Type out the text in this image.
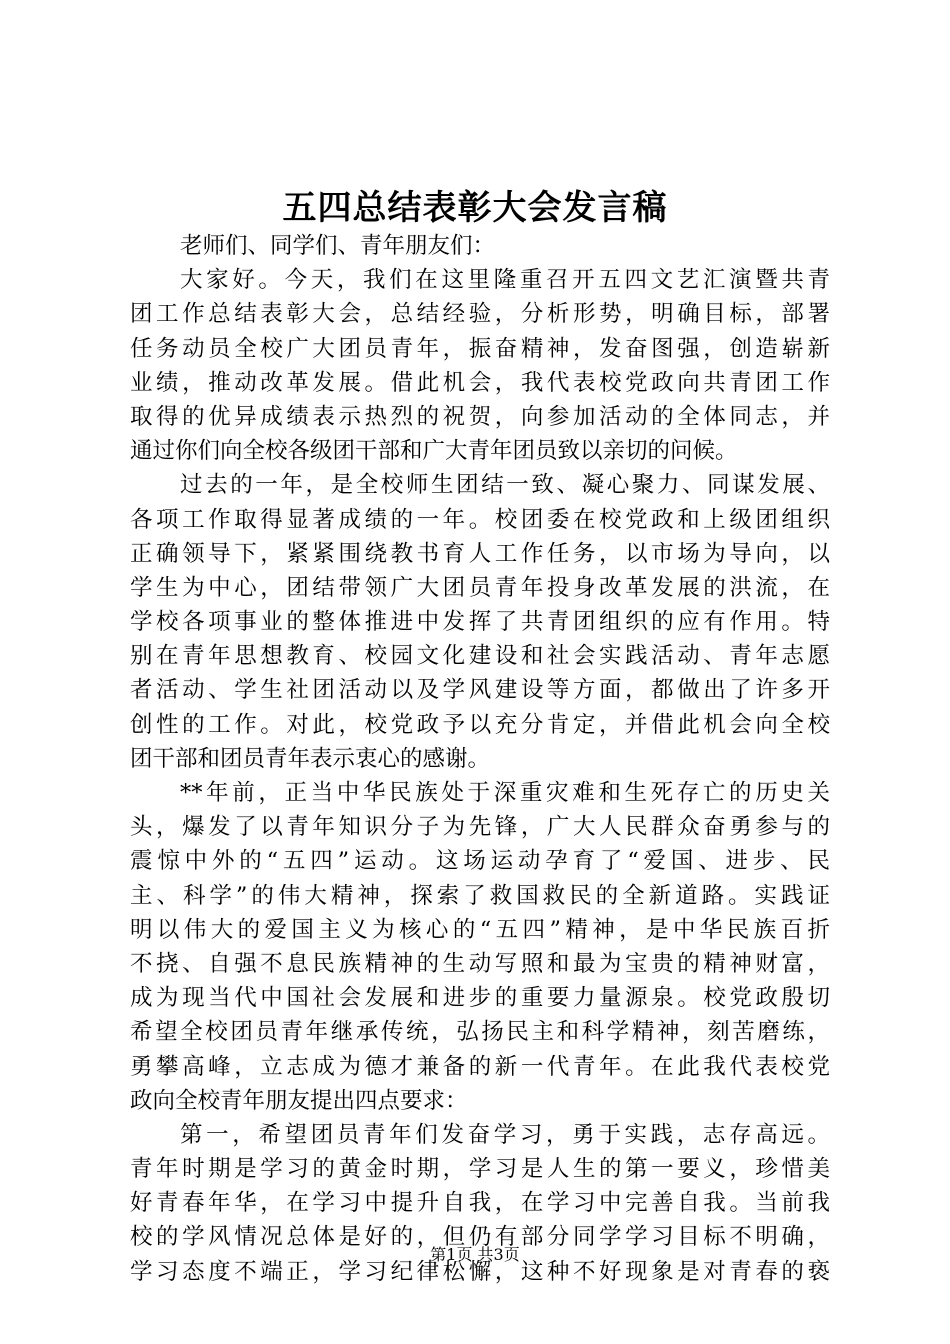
五四总结表彰大会发言稿
老师们、同学们、青年朋友们：
大家好。今天，我们在这里隆重召开五四文艺汇演暨共青
团工作总结表彰大会，总结经验，分析形势，明确目标，部署
任务动员全校广大团员青年，振奋精神，发奋图强，创造崭新
业绩，推动改革发展。借此机会，我代表校党政向共青团工作
取得的优异成绩表示热烈的祝贺，向参加活动的全体同志，并
通过你们向全校各级团干部和广大青年团员致以亲切的问候。
过去的一年，是全校师生团结一致、凝心聚力、同谋发展、
各项工作取得显著成绩的一年。校团委在校党政和上级团组织
正确领导下，紧紧围绕教书育人工作任务，以市场为导向，以
学生为中心，团结带领广大团员青年投身改革发展的洪流，在
学校各项事业的整体推进中发挥了共青团组织的应有作用。特
别在青年思想教育、校园文化建设和社会实践活动、青年志愿
者活动、学生社团活动以及学风建设等方面，都做出了许多开
创性的工作。对此，校党政予以充分肯定，并借此机会向全校
团干部和团员青年表示衷心的感谢。
**年前，正当中华民族处于深重灾难和生死存亡的历史关
头，爆发了以青年知识分子为先锋，广大人民群众奋勇参与的
震惊中外的“五四”运动。这场运动孕育了“爱国、进步、民
主、科学”的伟大精神，探索了救国救民的全新道路。实践证
明以伟大的爱国主义为核心的“五四”精神，是中华民族百折
不挠、自强不息民族精神的生动写照和最为宝贵的精神财富，
成为现当代中国社会发展和进步的重要力量源泉。校党政殷切
希望全校团员青年继承传统，弘扬民主和科学精神，刻苦磨练，
勇攀高峰，立志成为德才兼备的新一代青年。在此我代表校党
政向全校青年朋友提出四点要求：
第一，希望团员青年们发奋学习，勇于实践，志存高远。
青年时期是学习的黄金时期，学习是人生的第一要义，珍惜美
好青春年华，在学习中提升自我，在学习中完善自我。当前我
校的学风情况总体是好的，但仍有部分同学学习目标不明确，
学习态度不端正，学习纪律松懈，这种不好现象是对青春的亵
第1页 共3页
